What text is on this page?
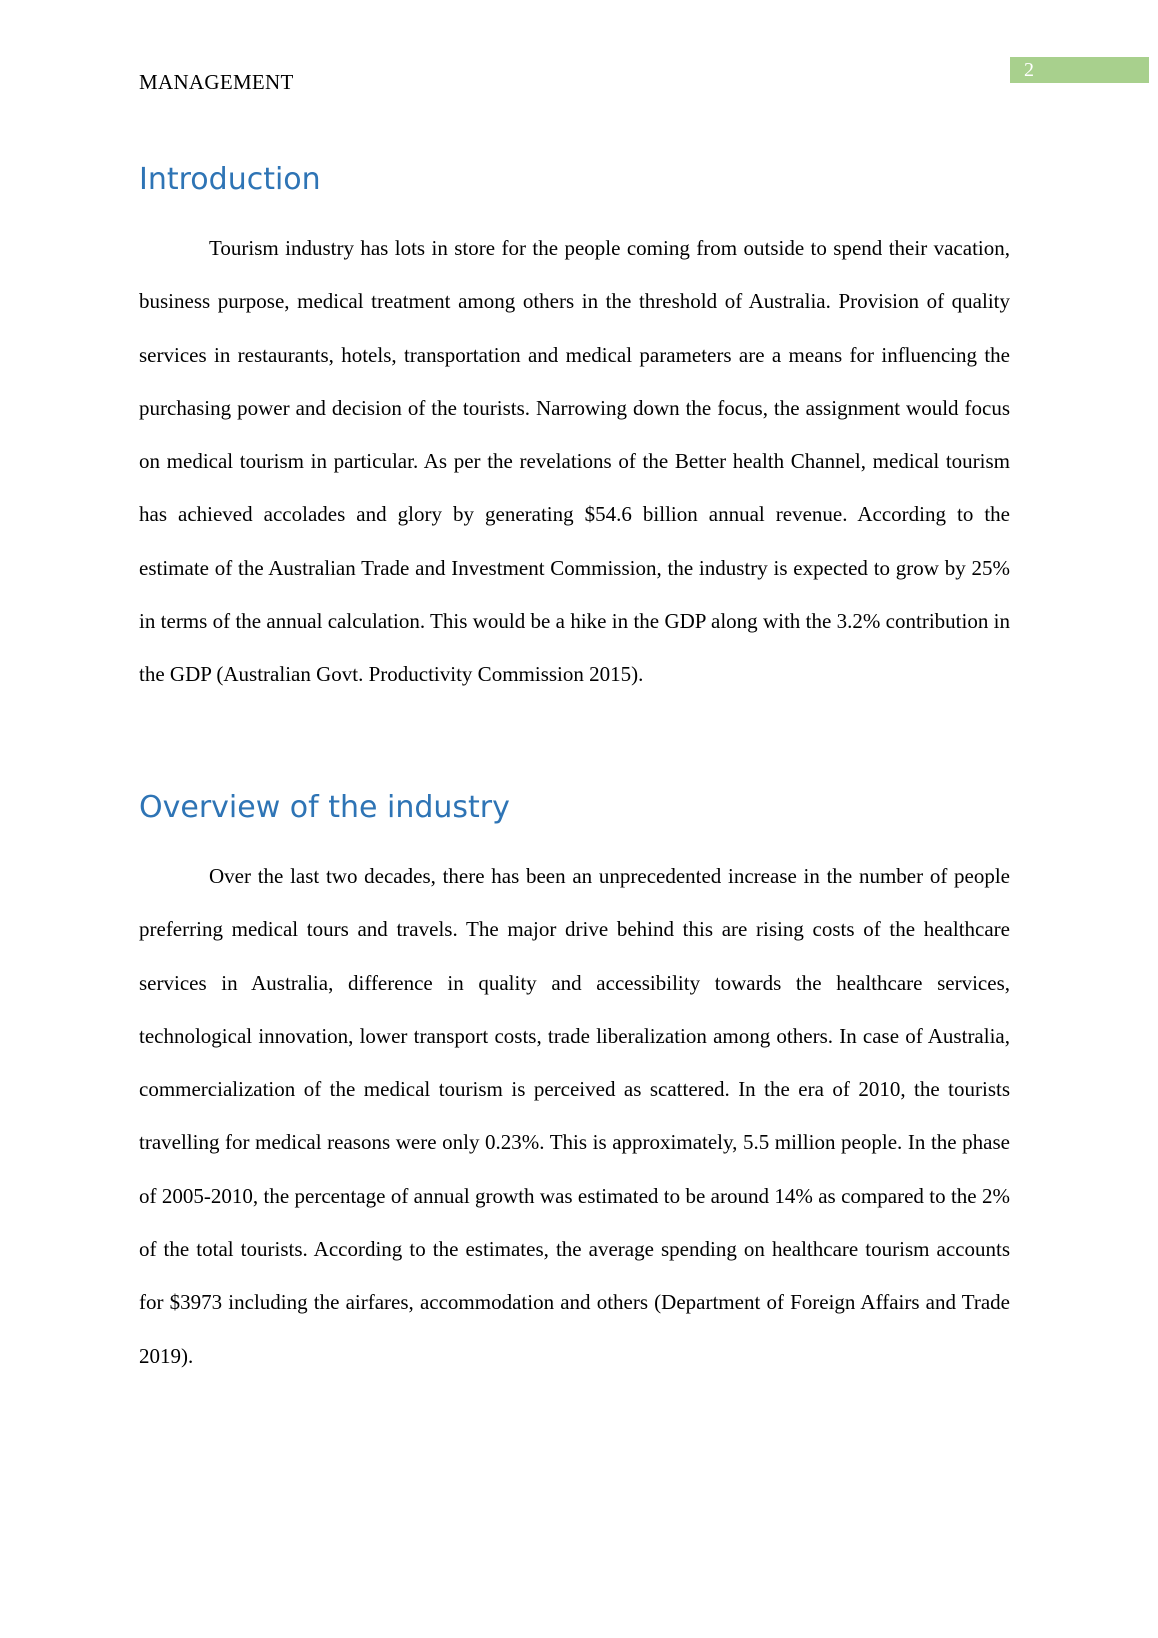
MANAGEMENT	2
Introduction

Tourism industry has lots in store for the people coming from outside to spend their vacation, business purpose, medical treatment among others in the threshold of Australia. Provision of quality services in restaurants, hotels, transportation and medical parameters are a means for influencing the purchasing power and decision of the tourists. Narrowing down the focus, the assignment would focus on medical tourism in particular. As per the revelations of the Better health Channel, medical tourism has achieved accolades and glory by generating $54.6 billion annual revenue. According to the estimate of the Australian Trade and Investment Commission, the industry is expected to grow by 25% in terms of the annual calculation. This would be a hike in the GDP along with the 3.2% contribution in the GDP (Australian Govt. Productivity Commission 2015).

Overview of the industry

Over the last two decades, there has been an unprecedented increase in the number of people preferring medical tours and travels. The major drive behind this are rising costs of the healthcare services in Australia, difference in quality and accessibility towards the healthcare services, technological innovation, lower transport costs, trade liberalization among others. In case of Australia, commercialization of the medical tourism is perceived as scattered. In the era of 2010, the tourists travelling for medical reasons were only 0.23%. This is approximately, 5.5 million people. In the phase of 2005-2010, the percentage of annual growth was estimated to be around 14% as compared to the 2% of the total tourists. According to the estimates, the average spending on healthcare tourism accounts for $3973 including the airfares, accommodation and others (Department of Foreign Affairs and Trade 2019).
